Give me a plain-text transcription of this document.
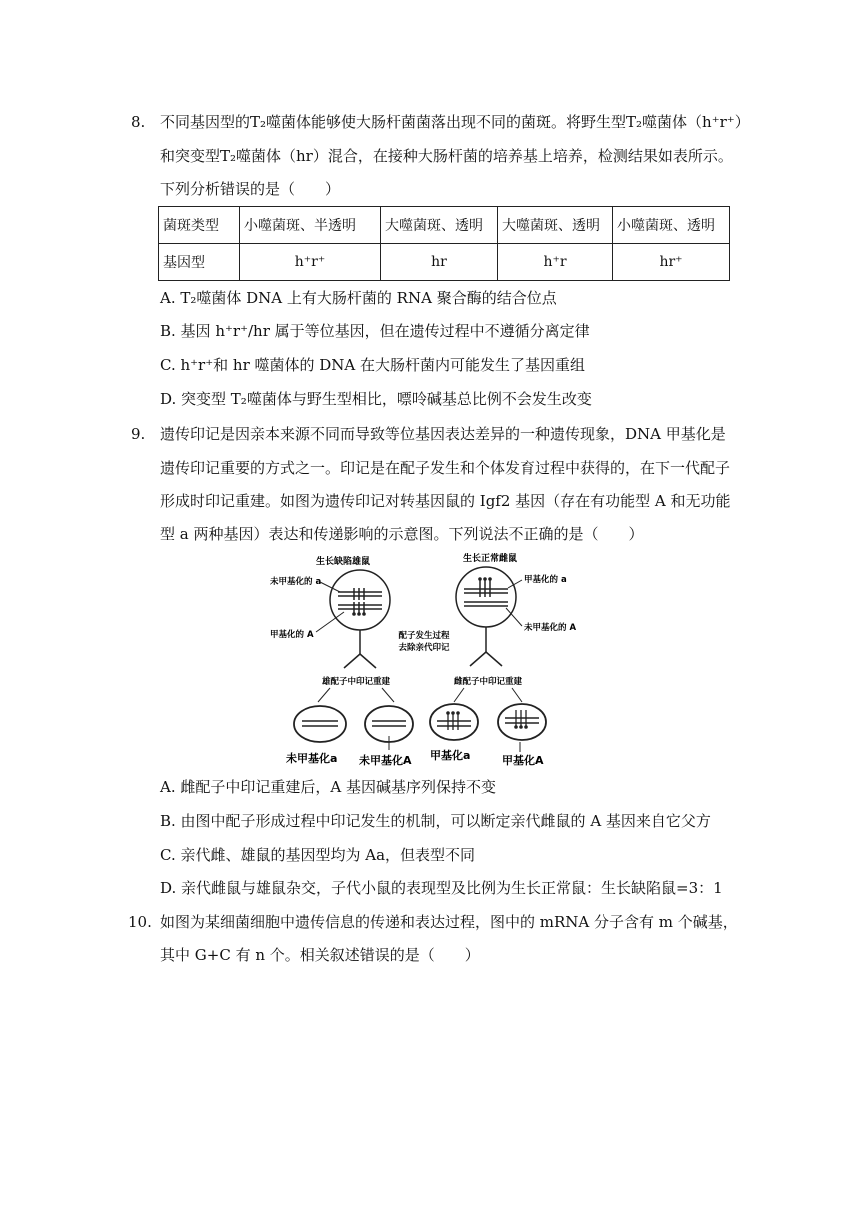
8. 不同基因型的T₂噬菌体能够使大肠杆菌菌落出现不同的菌斑。将野生型T₂噬菌体（h⁺r⁺）
和突变型T₂噬菌体（hr）混合，在接种大肠杆菌的培养基上培养，检测结果如表所示。
下列分析错误的是（　　）
菌斑类型	小噬菌斑、半透明	大噬菌斑、透明	大噬菌斑、透明	小噬菌斑、透明
基因型	h⁺r⁺	hr	h⁺r	hr⁺
A. T₂噬菌体 DNA 上有大肠杆菌的 RNA 聚合酶的结合位点
B. 基因 h⁺r⁺/hr 属于等位基因，但在遗传过程中不遵循分离定律
C. h⁺r⁺和 hr 噬菌体的 DNA 在大肠杆菌内可能发生了基因重组
D. 突变型 T₂噬菌体与野生型相比，嘌呤碱基总比例不会发生改变
9. 遗传印记是因亲本来源不同而导致等位基因表达差异的一种遗传现象，DNA 甲基化是
遗传印记重要的方式之一。印记是在配子发生和个体发育过程中获得的，在下一代配子
形成时印记重建。如图为遗传印记对转基因鼠的 Igf2 基因（存在有功能型 A 和无功能
型 a 两种基因）表达和传递影响的示意图。下列说法不正确的是（　　）
生长缺陷雄鼠
未甲基化的 a
甲基化的 A	配子发生过程
去除亲代印记
生长正常雌鼠
甲基化的 a
未甲基化的 A
雄配子中印记重建	雌配子中印记重建
未甲基化a 未甲基化A 甲基化a	甲基化A
A. 雌配子中印记重建后，A 基因碱基序列保持不变
B. 由图中配子形成过程中印记发生的机制，可以断定亲代雌鼠的 A 基因来自它父方
C. 亲代雌、雄鼠的基因型均为 Aa，但表型不同
D. 亲代雌鼠与雄鼠杂交，子代小鼠的表现型及比例为生长正常鼠：生长缺陷鼠=3：1
10. 如图为某细菌细胞中遗传信息的传递和表达过程，图中的 mRNA 分子含有 m 个碱基，
其中 G+C 有 n 个。相关叙述错误的是（　　）
